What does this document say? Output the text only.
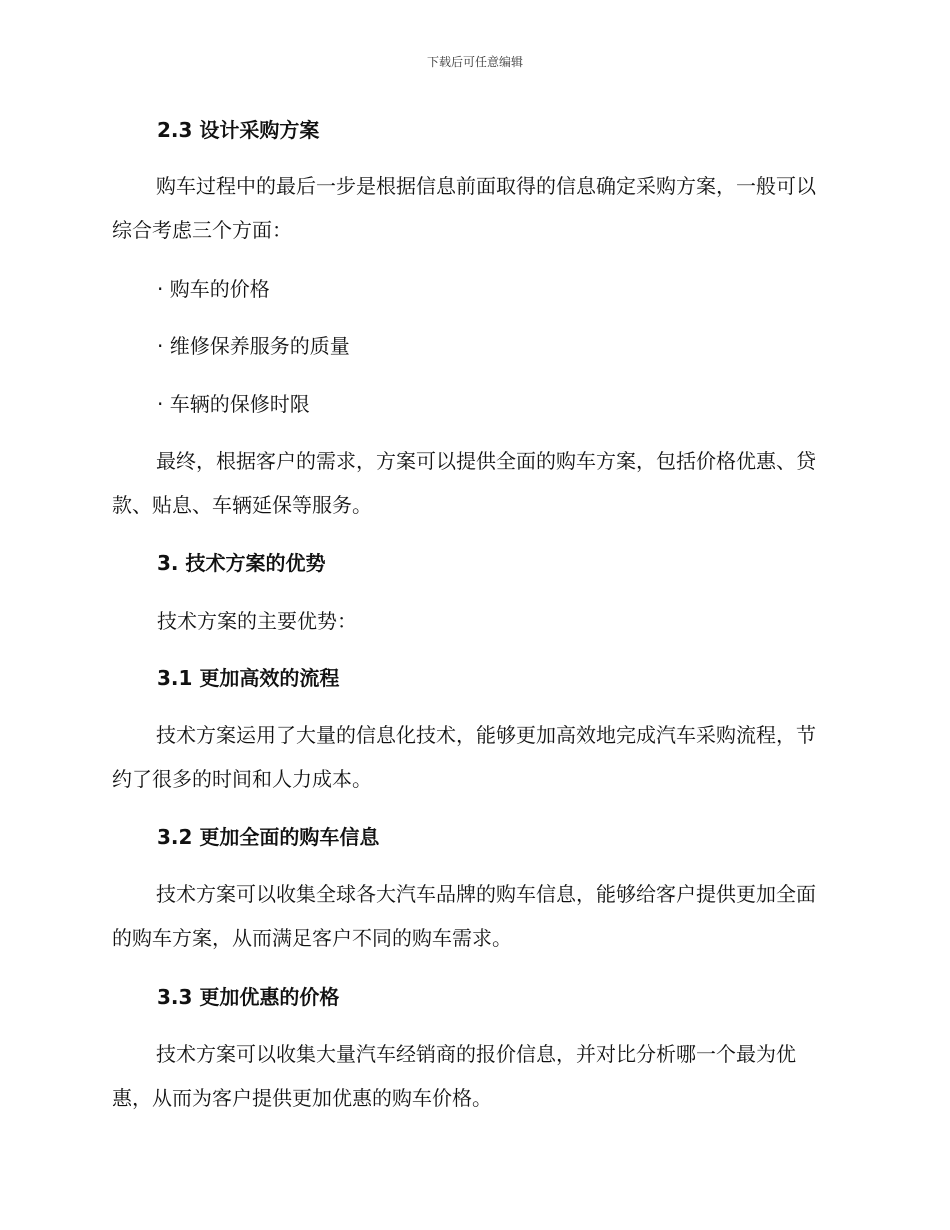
下载后可任意编辑
2.3 设计采购方案
购车过程中的最后一步是根据信息前面取得的信息确定采购方案，一般可以综合考虑三个方面：
· 购车的价格
· 维修保养服务的质量
· 车辆的保修时限
最终，根据客户的需求，方案可以提供全面的购车方案，包括价格优惠、贷款、贴息、车辆延保等服务。
3. 技术方案的优势
技术方案的主要优势：
3.1 更加高效的流程
技术方案运用了大量的信息化技术，能够更加高效地完成汽车采购流程，节约了很多的时间和人力成本。
3.2 更加全面的购车信息
技术方案可以收集全球各大汽车品牌的购车信息，能够给客户提供更加全面的购车方案，从而满足客户不同的购车需求。
3.3 更加优惠的价格
技术方案可以收集大量汽车经销商的报价信息，并对比分析哪一个最为优惠，从而为客户提供更加优惠的购车价格。
